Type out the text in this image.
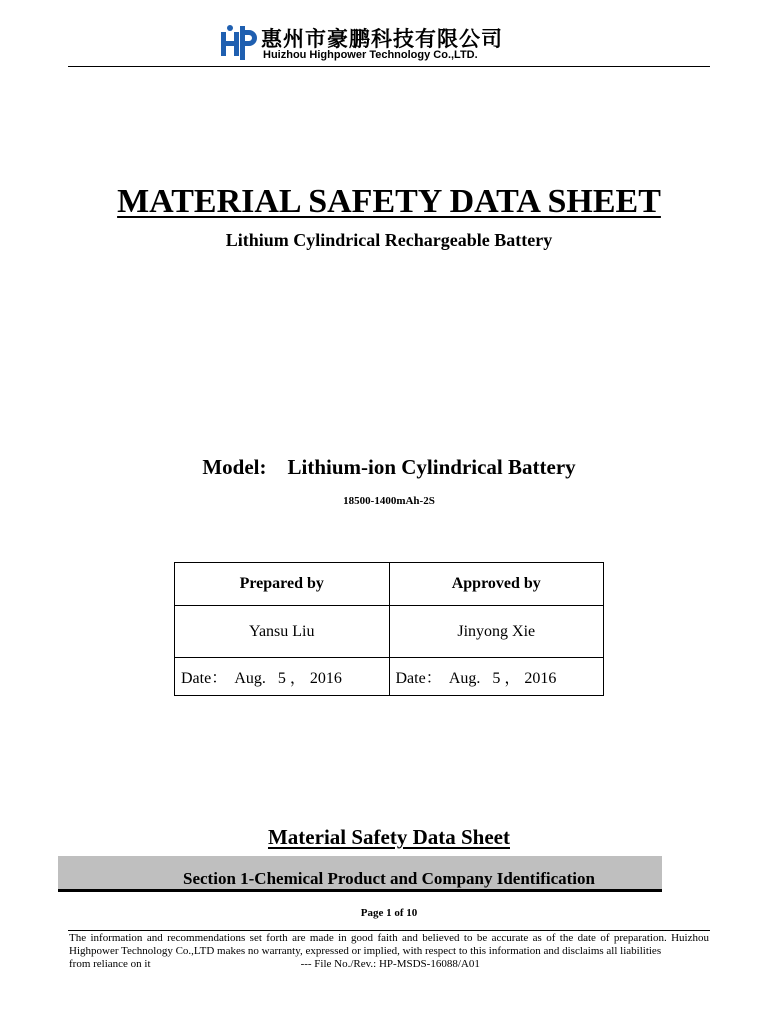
惠州市豪鹏科技有限公司
Huizhou Highpower Technology Co.,LTD.
MATERIAL SAFETY DATA SHEET
Lithium Cylindrical Rechargeable Battery
Model: Lithium-ion Cylindrical Battery
18500-1400mAh-2S
Prepared by	Approved by
Yansu Liu	Jinyong Xie
Date：  Aug.   5 ， 2016	Date：  Aug.   5 ， 2016
Material Safety Data Sheet
Section 1-Chemical Product and Company Identification
Page 1 of 10
The information and recommendations set forth are made in good faith and believed to be accurate as of the date of preparation. Huizhou Highpower Technology Co.,LTD makes no warranty, expressed or implied, with respect to this information and disclaims all liabilities
from reliance on it	--- File No./Rev.: HP-MSDS-16088/A01
